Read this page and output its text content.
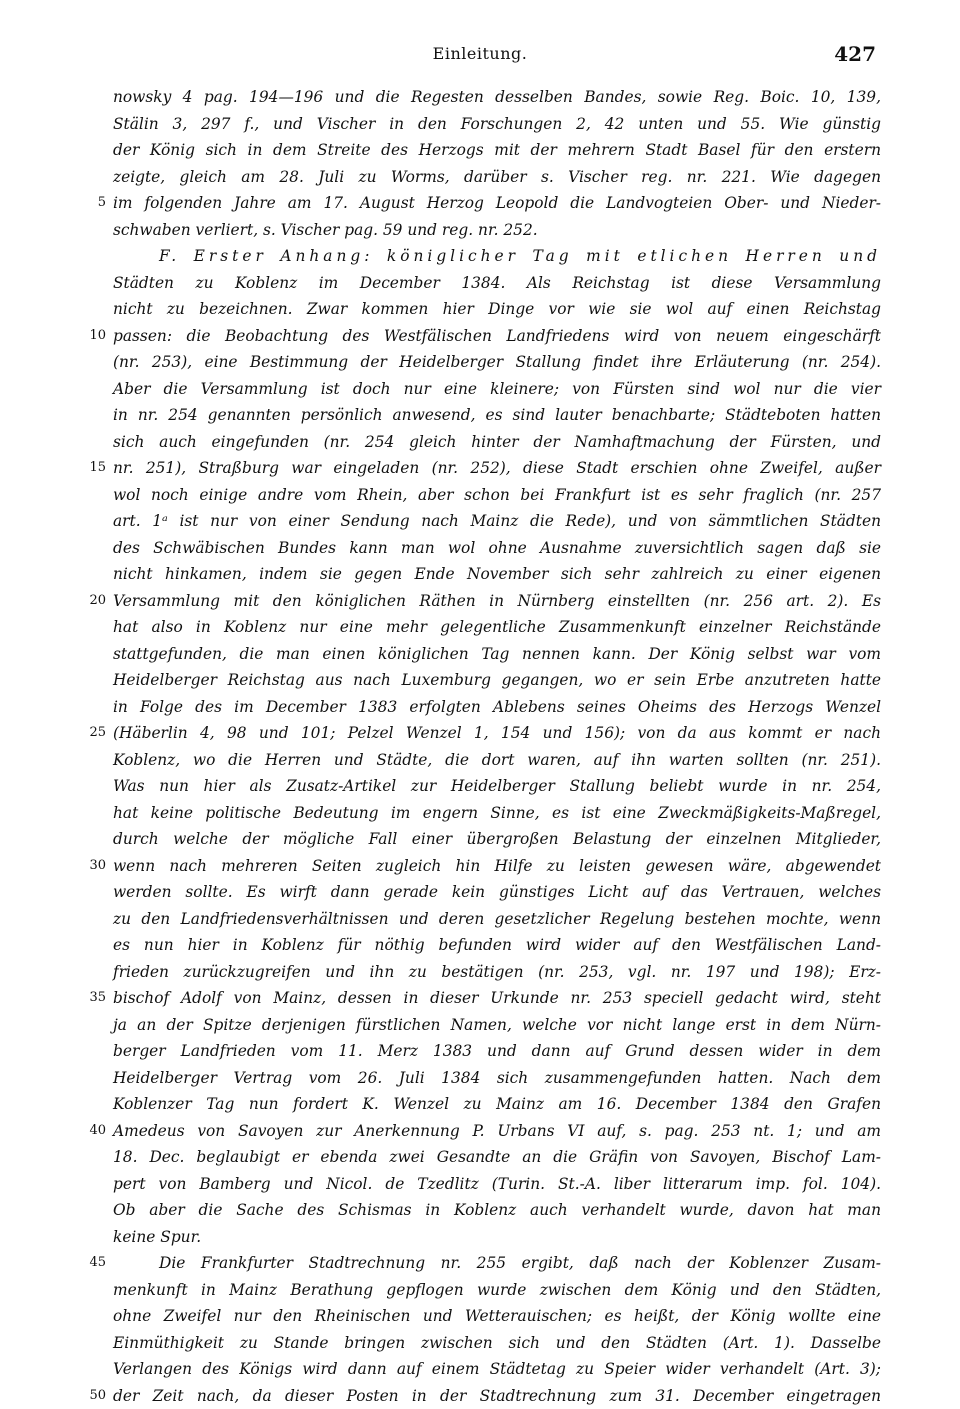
Einleitung.	427
nowsky 4 pag. 194—196 und die Regesten desselben Bandes, sowie Reg. Boic. 10, 139,
Stälin 3, 297 f., und Vischer in den Forschungen 2, 42 unten und 55. Wie günstig
der König sich in dem Streite des Herzogs mit der mehrern Stadt Basel für den erstern
zeigte, gleich am 28. Juli zu Worms, darüber s. Vischer reg. nr. 221. Wie dagegen
5 im folgenden Jahre am 17. August Herzog Leopold die Landvogteien Ober- und Nieder-
schwaben verliert, s. Vischer pag. 59 und reg. nr. 252.
F. Erster Anhang: königlicher Tag mit etlichen Herren und
Städten zu Koblenz im December 1384. Als Reichstag ist diese Versammlung
nicht zu bezeichnen. Zwar kommen hier Dinge vor wie sie wol auf einen Reichstag
10 passen: die Beobachtung des Westfälischen Landfriedens wird von neuem eingeschärft
(nr. 253), eine Bestimmung der Heidelberger Stallung findet ihre Erläuterung (nr. 254).
Aber die Versammlung ist doch nur eine kleinere; von Fürsten sind wol nur die vier
in nr. 254 genannten persönlich anwesend, es sind lauter benachbarte; Städteboten hatten
sich auch eingefunden (nr. 254 gleich hinter der Namhaftmachung der Fürsten, und
15 nr. 251), Straßburg war eingeladen (nr. 252), diese Stadt erschien ohne Zweifel, außer
wol noch einige andre vom Rhein, aber schon bei Frankfurt ist es sehr fraglich (nr. 257
art. 1ᵃ ist nur von einer Sendung nach Mainz die Rede), und von sämmtlichen Städten
des Schwäbischen Bundes kann man wol ohne Ausnahme zuversichtlich sagen daß sie
nicht hinkamen, indem sie gegen Ende November sich sehr zahlreich zu einer eigenen
20 Versammlung mit den königlichen Räthen in Nürnberg einstellten (nr. 256 art. 2). Es
hat also in Koblenz nur eine mehr gelegentliche Zusammenkunft einzelner Reichstände
stattgefunden, die man einen königlichen Tag nennen kann. Der König selbst war vom
Heidelberger Reichstag aus nach Luxemburg gegangen, wo er sein Erbe anzutreten hatte
in Folge des im December 1383 erfolgten Ablebens seines Oheims des Herzogs Wenzel
25 (Häberlin 4, 98 und 101; Pelzel Wenzel 1, 154 und 156); von da aus kommt er nach
Koblenz, wo die Herren und Städte, die dort waren, auf ihn warten sollten (nr. 251).
Was nun hier als Zusatz-Artikel zur Heidelberger Stallung beliebt wurde in nr. 254,
hat keine politische Bedeutung im engern Sinne, es ist eine Zweckmäßigkeits-Maßregel,
durch welche der mögliche Fall einer übergroßen Belastung der einzelnen Mitglieder,
30 wenn nach mehreren Seiten zugleich hin Hilfe zu leisten gewesen wäre, abgewendet
werden sollte. Es wirft dann gerade kein günstiges Licht auf das Vertrauen, welches
zu den Landfriedensverhältnissen und deren gesetzlicher Regelung bestehen mochte, wenn
es nun hier in Koblenz für nöthig befunden wird wider auf den Westfälischen Land-
frieden zurückzugreifen und ihn zu bestätigen (nr. 253, vgl. nr. 197 und 198); Erz-
35 bischof Adolf von Mainz, dessen in dieser Urkunde nr. 253 speciell gedacht wird, steht
ja an der Spitze derjenigen fürstlichen Namen, welche vor nicht lange erst in dem Nürn-
berger Landfrieden vom 11. Merz 1383 und dann auf Grund dessen wider in dem
Heidelberger Vertrag vom 26. Juli 1384 sich zusammengefunden hatten. Nach dem
Koblenzer Tag nun fordert K. Wenzel zu Mainz am 16. December 1384 den Grafen
40 Amedeus von Savoyen zur Anerkennung P. Urbans VI auf, s. pag. 253 nt. 1; und am
18. Dec. beglaubigt er ebenda zwei Gesandte an die Gräfin von Savoyen, Bischof Lam-
pert von Bamberg und Nicol. de Tzedlitz (Turin. St.-A. liber litterarum imp. fol. 104).
Ob aber die Sache des Schismas in Koblenz auch verhandelt wurde, davon hat man
keine Spur.
45	Die Frankfurter Stadtrechnung nr. 255 ergibt, daß nach der Koblenzer Zusam-
menkunft in Mainz Berathung gepflogen wurde zwischen dem König und den Städten,
ohne Zweifel nur den Rheinischen und Wetterauischen; es heißt, der König wollte eine
Einmüthigkeit zu Stande bringen zwischen sich und den Städten (Art. 1). Dasselbe
Verlangen des Königs wird dann auf einem Städtetag zu Speier wider verhandelt (Art. 3);
50 der Zeit nach, da dieser Posten in der Stadtrechnung zum 31. December eingetragen
